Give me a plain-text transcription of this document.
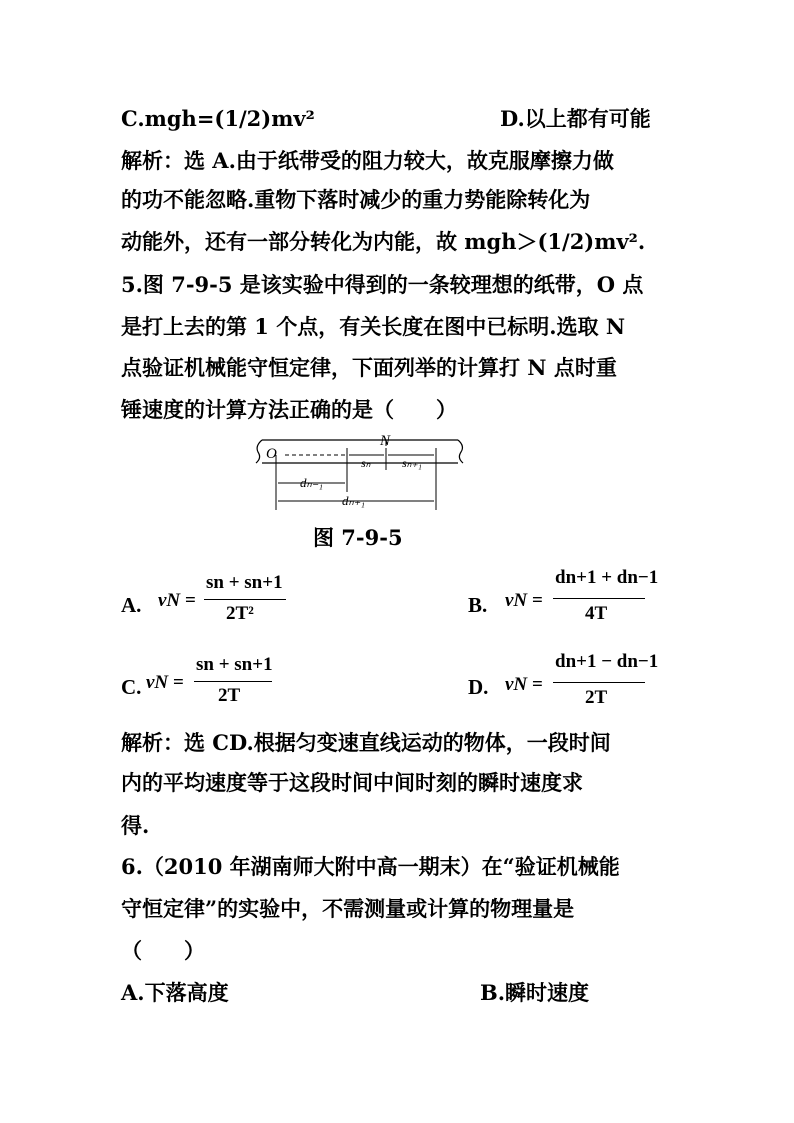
C.mgh=(1/2)mv²	D.以上都有可能
解析：选 A.由于纸带受的阻力较大，故克服摩擦力做
的功不能忽略.重物下落时减少的重力势能除转化为
动能外，还有一部分转化为内能，故 mgh＞(1/2)mv².
5.图 7-9-5 是该实验中得到的一条较理想的纸带，O 点
是打上去的第 1 个点，有关长度在图中已标明.选取 N
点验证机械能守恒定律，下面列举的计算打 N 点时重
锤速度的计算方法正确的是（　　）
O
N
sₙ	sₙ₊₁
dₙ₋₁
dₙ₊₁
图 7-9-5
A. vN =
sn + sn+1
2T²	B. vN =
dn+1 + dn−1
4T
C. vN =
sn + sn+1
2T	D. vN =
dn+1 − dn−1
2T
解析：选 CD.根据匀变速直线运动的物体，一段时间
内的平均速度等于这段时间中间时刻的瞬时速度求
得.
6.（2010 年湖南师大附中高一期末）在“验证机械能
守恒定律”的实验中，不需测量或计算的物理量是
（　　）
A.下落高度	B.瞬时速度
